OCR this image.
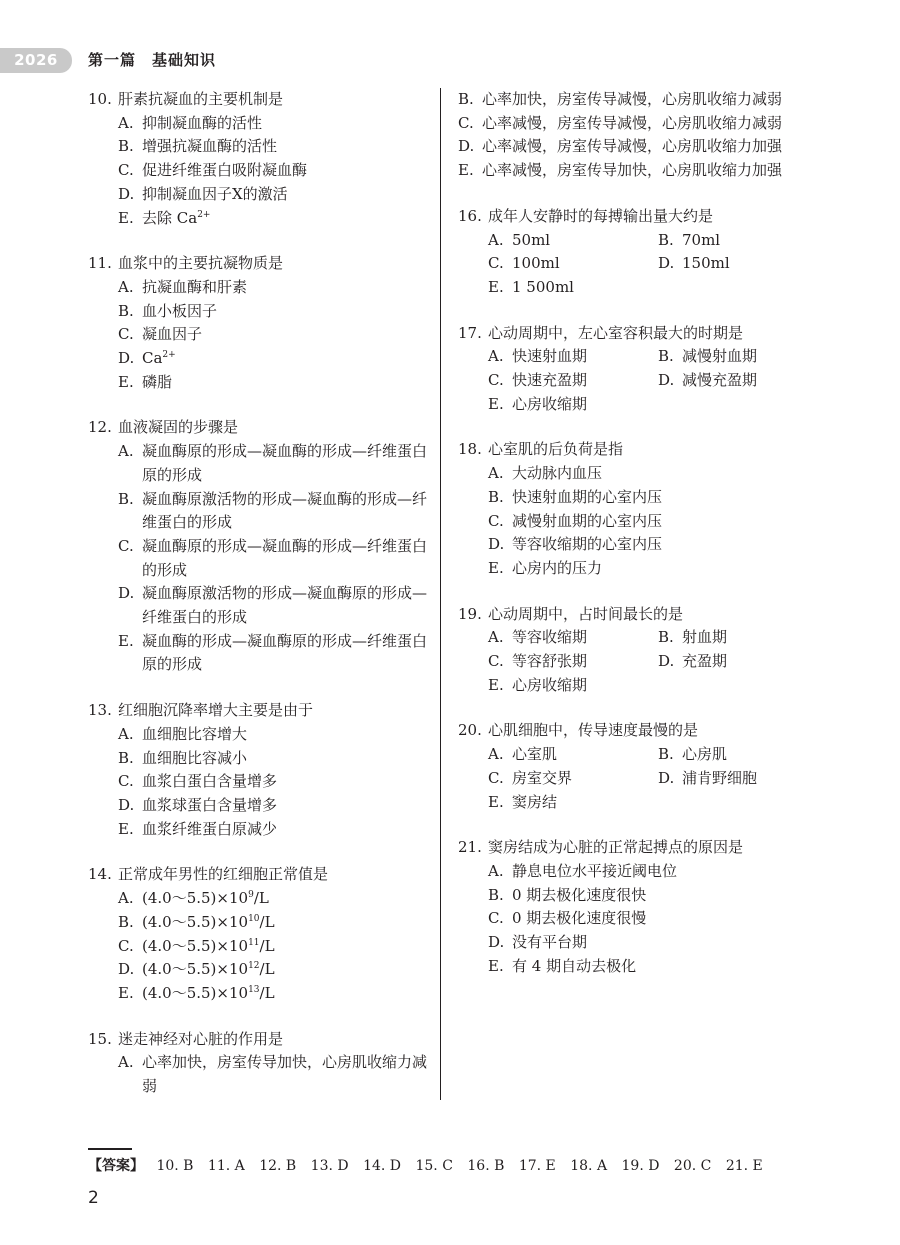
2026	第一篇　基础知识
10. 肝素抗凝血的主要机制是
A. 抑制凝血酶的活性
B. 增强抗凝血酶的活性
C. 促进纤维蛋白吸附凝血酶
D. 抑制凝血因子Ⅹ的激活
E. 去除 $Ca^{2+}$
11. 血浆中的主要抗凝物质是
A. 抗凝血酶和肝素
B. 血小板因子
C. 凝血因子
D. $Ca^{2+}$
E. 磷脂
12. 血液凝固的步骤是
A. 凝血酶原的形成—凝血酶的形成—纤维蛋白原的形成
B. 凝血酶原激活物的形成—凝血酶的形成—纤维蛋白的形成
C. 凝血酶原的形成—凝血酶的形成—纤维蛋白的形成
D. 凝血酶原激活物的形成—凝血酶原的形成—纤维蛋白的形成
E. 凝血酶的形成—凝血酶原的形成—纤维蛋白原的形成
13. 红细胞沉降率增大主要是由于
A. 血细胞比容增大
B. 血细胞比容减小
C. 血浆白蛋白含量增多
D. 血浆球蛋白含量增多
E. 血浆纤维蛋白原减少
14. 正常成年男性的红细胞正常值是
A. $(4.0\sim 5.5)\times 10^9/L$
B. $(4.0\sim 5.5)\times 10^{10}/L$
C. $(4.0\sim 5.5)\times 10^{11}/L$
D. $(4.0\sim 5.5)\times 10^{12}/L$
E. $(4.0\sim 5.5)\times 10^{13}/L$
15. 迷走神经对心脏的作用是
A. 心率加快，房室传导加快，心房肌收缩力减弱
B. 心率加快，房室传导减慢，心房肌收缩力减弱
C. 心率减慢，房室传导减慢，心房肌收缩力减弱
D. 心率减慢，房室传导减慢，心房肌收缩力加强
E. 心率减慢，房室传导加快，心房肌收缩力加强
16. 成年人安静时的每搏输出量大约是
A. 50ml	B. 70ml
C. 100ml	D. 150ml
E. 1 500ml
17. 心动周期中，左心室容积最大的时期是
A. 快速射血期	B. 减慢射血期
C. 快速充盈期	D. 减慢充盈期
E. 心房收缩期
18. 心室肌的后负荷是指
A. 大动脉内血压
B. 快速射血期的心室内压
C. 减慢射血期的心室内压
D. 等容收缩期的心室内压
E. 心房内的压力
19. 心动周期中，占时间最长的是
A. 等容收缩期	B. 射血期
C. 等容舒张期	D. 充盈期
E. 心房收缩期
20. 心肌细胞中，传导速度最慢的是
A. 心室肌	B. 心房肌
C. 房室交界	D. 浦肯野细胞
E. 窦房结
21. 窦房结成为心脏的正常起搏点的原因是
A. 静息电位水平接近阈电位
B. 0 期去极化速度很快
C. 0 期去极化速度很慢
D. 没有平台期
E. 有 4 期自动去极化
【答案】 10. B 11. A 12. B 13. D 14. D 15. C 16. B 17. E 18. A 19. D 20. C 21. E
2
